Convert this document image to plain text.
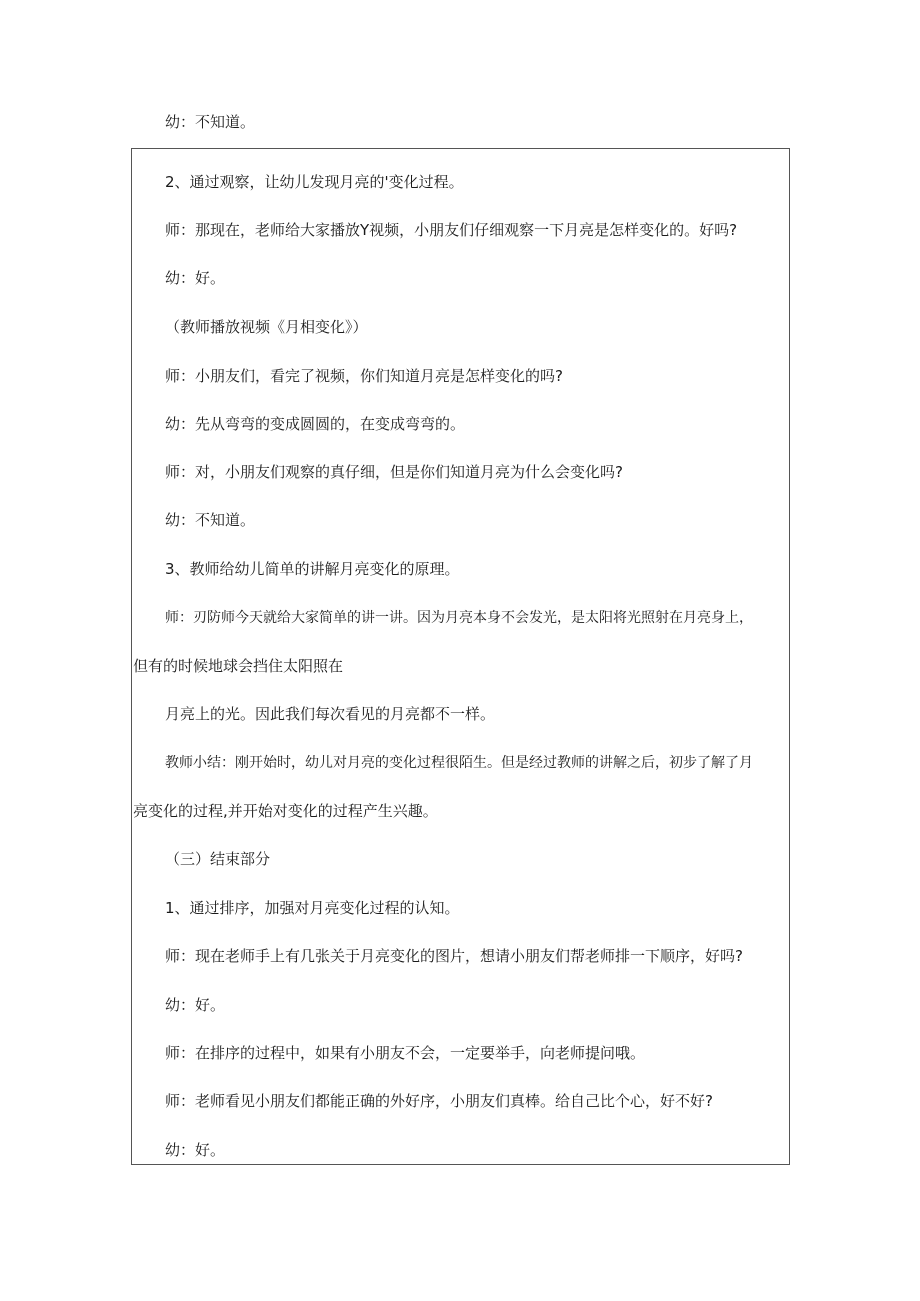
幼：不知道。
2、通过观察，让幼儿发现月亮的'变化过程。
师：那现在，老师给大家播放Y视频，小朋友们仔细观察一下月亮是怎样变化的。好吗?
幼：好。
（教师播放视频《月相变化》）
师：小朋友们，看完了视频，你们知道月亮是怎样变化的吗?
幼：先从弯弯的变成圆圆的，在变成弯弯的。
师：对，小朋友们观察的真仔细，但是你们知道月亮为什么会变化吗?
幼：不知道。
3、教师给幼儿简单的讲解月亮变化的原理。
师：刃防师今天就给大家简单的讲一讲。因为月亮本身不会发光，是太阳将光照射在月亮身上，
但有的时候地球会挡住太阳照在
月亮上的光。因此我们每次看见的月亮都不一样。
教师小结：刚开始时，幼儿对月亮的变化过程很陌生。但是经过教师的讲解之后，初步了解了月
亮变化的过程,并开始对变化的过程产生兴趣。
（三）结束部分
1、通过排序，加强对月亮变化过程的认知。
师：现在老师手上有几张关于月亮变化的图片，想请小朋友们帮老师排一下顺序，好吗?
幼：好。
师：在排序的过程中，如果有小朋友不会，一定要举手，向老师提问哦。
师：老师看见小朋友们都能正确的外好序，小朋友们真棒。给自己比个心，好不好?
幼：好。
